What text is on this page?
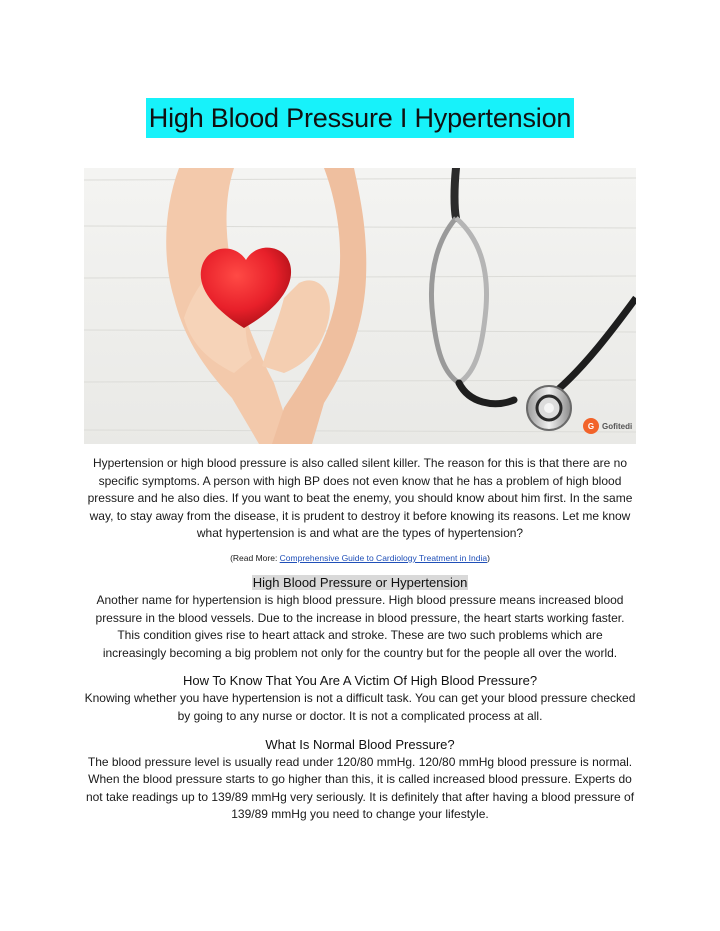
High Blood Pressure I Hypertension
G Gofitedi

Hypertension or high blood pressure is also called silent killer. The reason for this is that there are no specific symptoms. A person with high BP does not even know that he has a problem of high blood pressure and he also dies. If you want to beat the enemy, you should know about him first. In the same way, to stay away from the disease, it is prudent to destroy it before knowing its reasons. Let me know what hypertension is and what are the types of hypertension?

(Read More: Comprehensive Guide to Cardiology Treatment in India)

High Blood Pressure or Hypertension

Another name for hypertension is high blood pressure. High blood pressure means increased blood pressure in the blood vessels. Due to the increase in blood pressure, the heart starts working faster. This condition gives rise to heart attack and stroke. These are two such problems which are increasingly becoming a big problem not only for the country but for the people all over the world.

How To Know That You Are A Victim Of High Blood Pressure?

Knowing whether you have hypertension is not a difficult task. You can get your blood pressure checked by going to any nurse or doctor. It is not a complicated process at all.

What Is Normal Blood Pressure?

The blood pressure level is usually read under 120/80 mmHg. 120/80 mmHg blood pressure is normal. When the blood pressure starts to go higher than this, it is called increased blood pressure. Experts do not take readings up to 139/89 mmHg very seriously. It is definitely that after having a blood pressure of 139/89 mmHg you need to change your lifestyle.
